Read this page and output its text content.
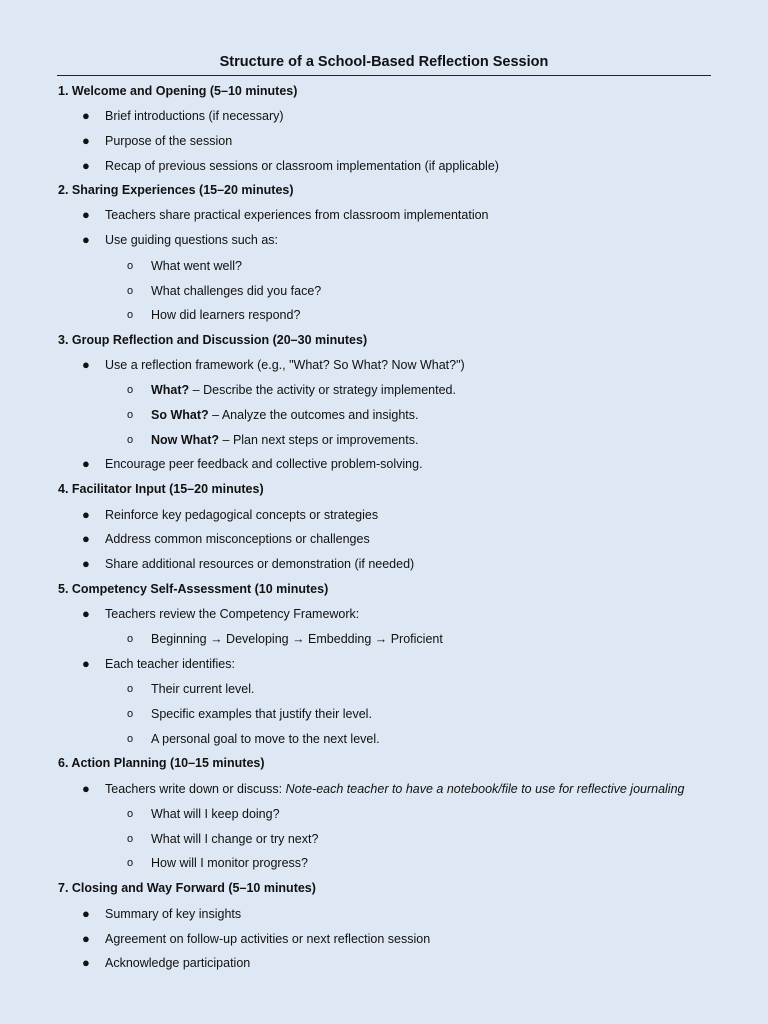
Structure of a School-Based Reflection Session
1. Welcome and Opening (5–10 minutes)
● Brief introductions (if necessary)
● Purpose of the session
● Recap of previous sessions or classroom implementation (if applicable)
2. Sharing Experiences (15–20 minutes)
● Teachers share practical experiences from classroom implementation
● Use guiding questions such as:
o What went well?
o What challenges did you face?
o How did learners respond?
3. Group Reflection and Discussion (20–30 minutes)
● Use a reflection framework (e.g., "What? So What? Now What?")
o What? – Describe the activity or strategy implemented.
o So What? – Analyze the outcomes and insights.
o Now What? – Plan next steps or improvements.
● Encourage peer feedback and collective problem-solving.
4. Facilitator Input (15–20 minutes)
● Reinforce key pedagogical concepts or strategies
● Address common misconceptions or challenges
● Share additional resources or demonstration (if needed)
5. Competency Self-Assessment (10 minutes)
● Teachers review the Competency Framework:
o Beginning → Developing → Embedding → Proficient
● Each teacher identifies:
o Their current level.
o Specific examples that justify their level.
o A personal goal to move to the next level.
6. Action Planning (10–15 minutes)
● Teachers write down or discuss: Note-each teacher to have a notebook/file to use for reflective journaling
o What will I keep doing?
o What will I change or try next?
o How will I monitor progress?
7. Closing and Way Forward (5–10 minutes)
● Summary of key insights
● Agreement on follow-up activities or next reflection session
● Acknowledge participation
